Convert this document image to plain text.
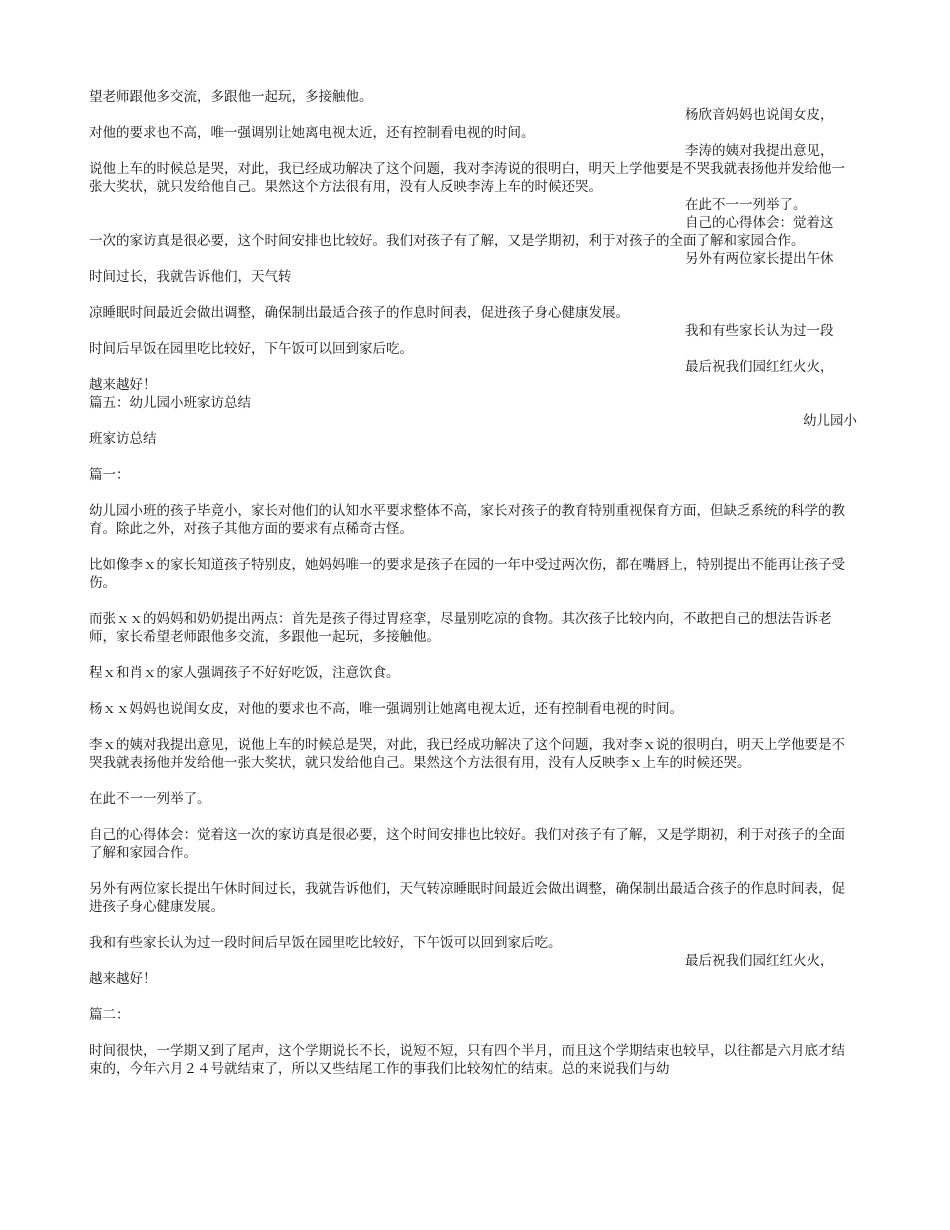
望老师跟他多交流，多跟他一起玩，多接触他。
杨欣音妈妈也说闺女皮，
对他的要求也不高，唯一强调别让她离电视太近，还有控制看电视的时间。
李涛的姨对我提出意见，
说他上车的时候总是哭，对此，我已经成功解决了这个问题，我对李涛说的很明白，明天上学他要是不哭我就表扬他并发给他一张大奖状，就只发给他自己。果然这个方法很有用，没有人反映李涛上车的时候还哭。
在此不一一列举了。
自己的心得体会：觉着这
一次的家访真是很必要，这个时间安排也比较好。我们对孩子有了解，又是学期初，利于对孩子的全面了解和家园合作。
另外有两位家长提出午休
时间过长，我就告诉他们，天气转
凉睡眠时间最近会做出调整，确保制出最适合孩子的作息时间表，促进孩子身心健康发展。
我和有些家长认为过一段
时间后早饭在园里吃比较好，下午饭可以回到家后吃。
最后祝我们园红红火火，
越来越好！
篇五：幼儿园小班家访总结
幼儿园小
班家访总结
篇一：
幼儿园小班的孩子毕竟小，家长对他们的认知水平要求整体不高，家长对孩子的教育特别重视保育方面，但缺乏系统的科学的教育。除此之外，对孩子其他方面的要求有点稀奇古怪。
比如像李ｘ的家长知道孩子特别皮，她妈妈唯一的要求是孩子在园的一年中受过两次伤，都在嘴唇上，特别提出不能再让孩子受伤。
而张ｘｘ的妈妈和奶奶提出两点：首先是孩子得过胃痉挛，尽量别吃凉的食物。其次孩子比较内向，不敢把自己的想法告诉老师，家长希望老师跟他多交流，多跟他一起玩，多接触他。
程ｘ和肖ｘ的家人强调孩子不好好吃饭，注意饮食。
杨ｘｘ妈妈也说闺女皮，对他的要求也不高，唯一强调别让她离电视太近，还有控制看电视的时间。
李ｘ的姨对我提出意见，说他上车的时候总是哭，对此，我已经成功解决了这个问题，我对李ｘ说的很明白，明天上学他要是不哭我就表扬他并发给他一张大奖状，就只发给他自己。果然这个方法很有用，没有人反映李ｘ上车的时候还哭。
在此不一一列举了。
自己的心得体会：觉着这一次的家访真是很必要，这个时间安排也比较好。我们对孩子有了解，又是学期初，利于对孩子的全面了解和家园合作。
另外有两位家长提出午休时间过长，我就告诉他们，天气转凉睡眠时间最近会做出调整，确保制出最适合孩子的作息时间表，促进孩子身心健康发展。
我和有些家长认为过一段时间后早饭在园里吃比较好，下午饭可以回到家后吃。
最后祝我们园红红火火，
越来越好！
篇二：
时间很快，一学期又到了尾声，这个学期说长不长，说短不短，只有四个半月，而且这个学期结束也较早，以往都是六月底才结束的，今年六月２４号就结束了，所以又些结尾工作的事我们比较匆忙的结束。总的来说我们与幼
